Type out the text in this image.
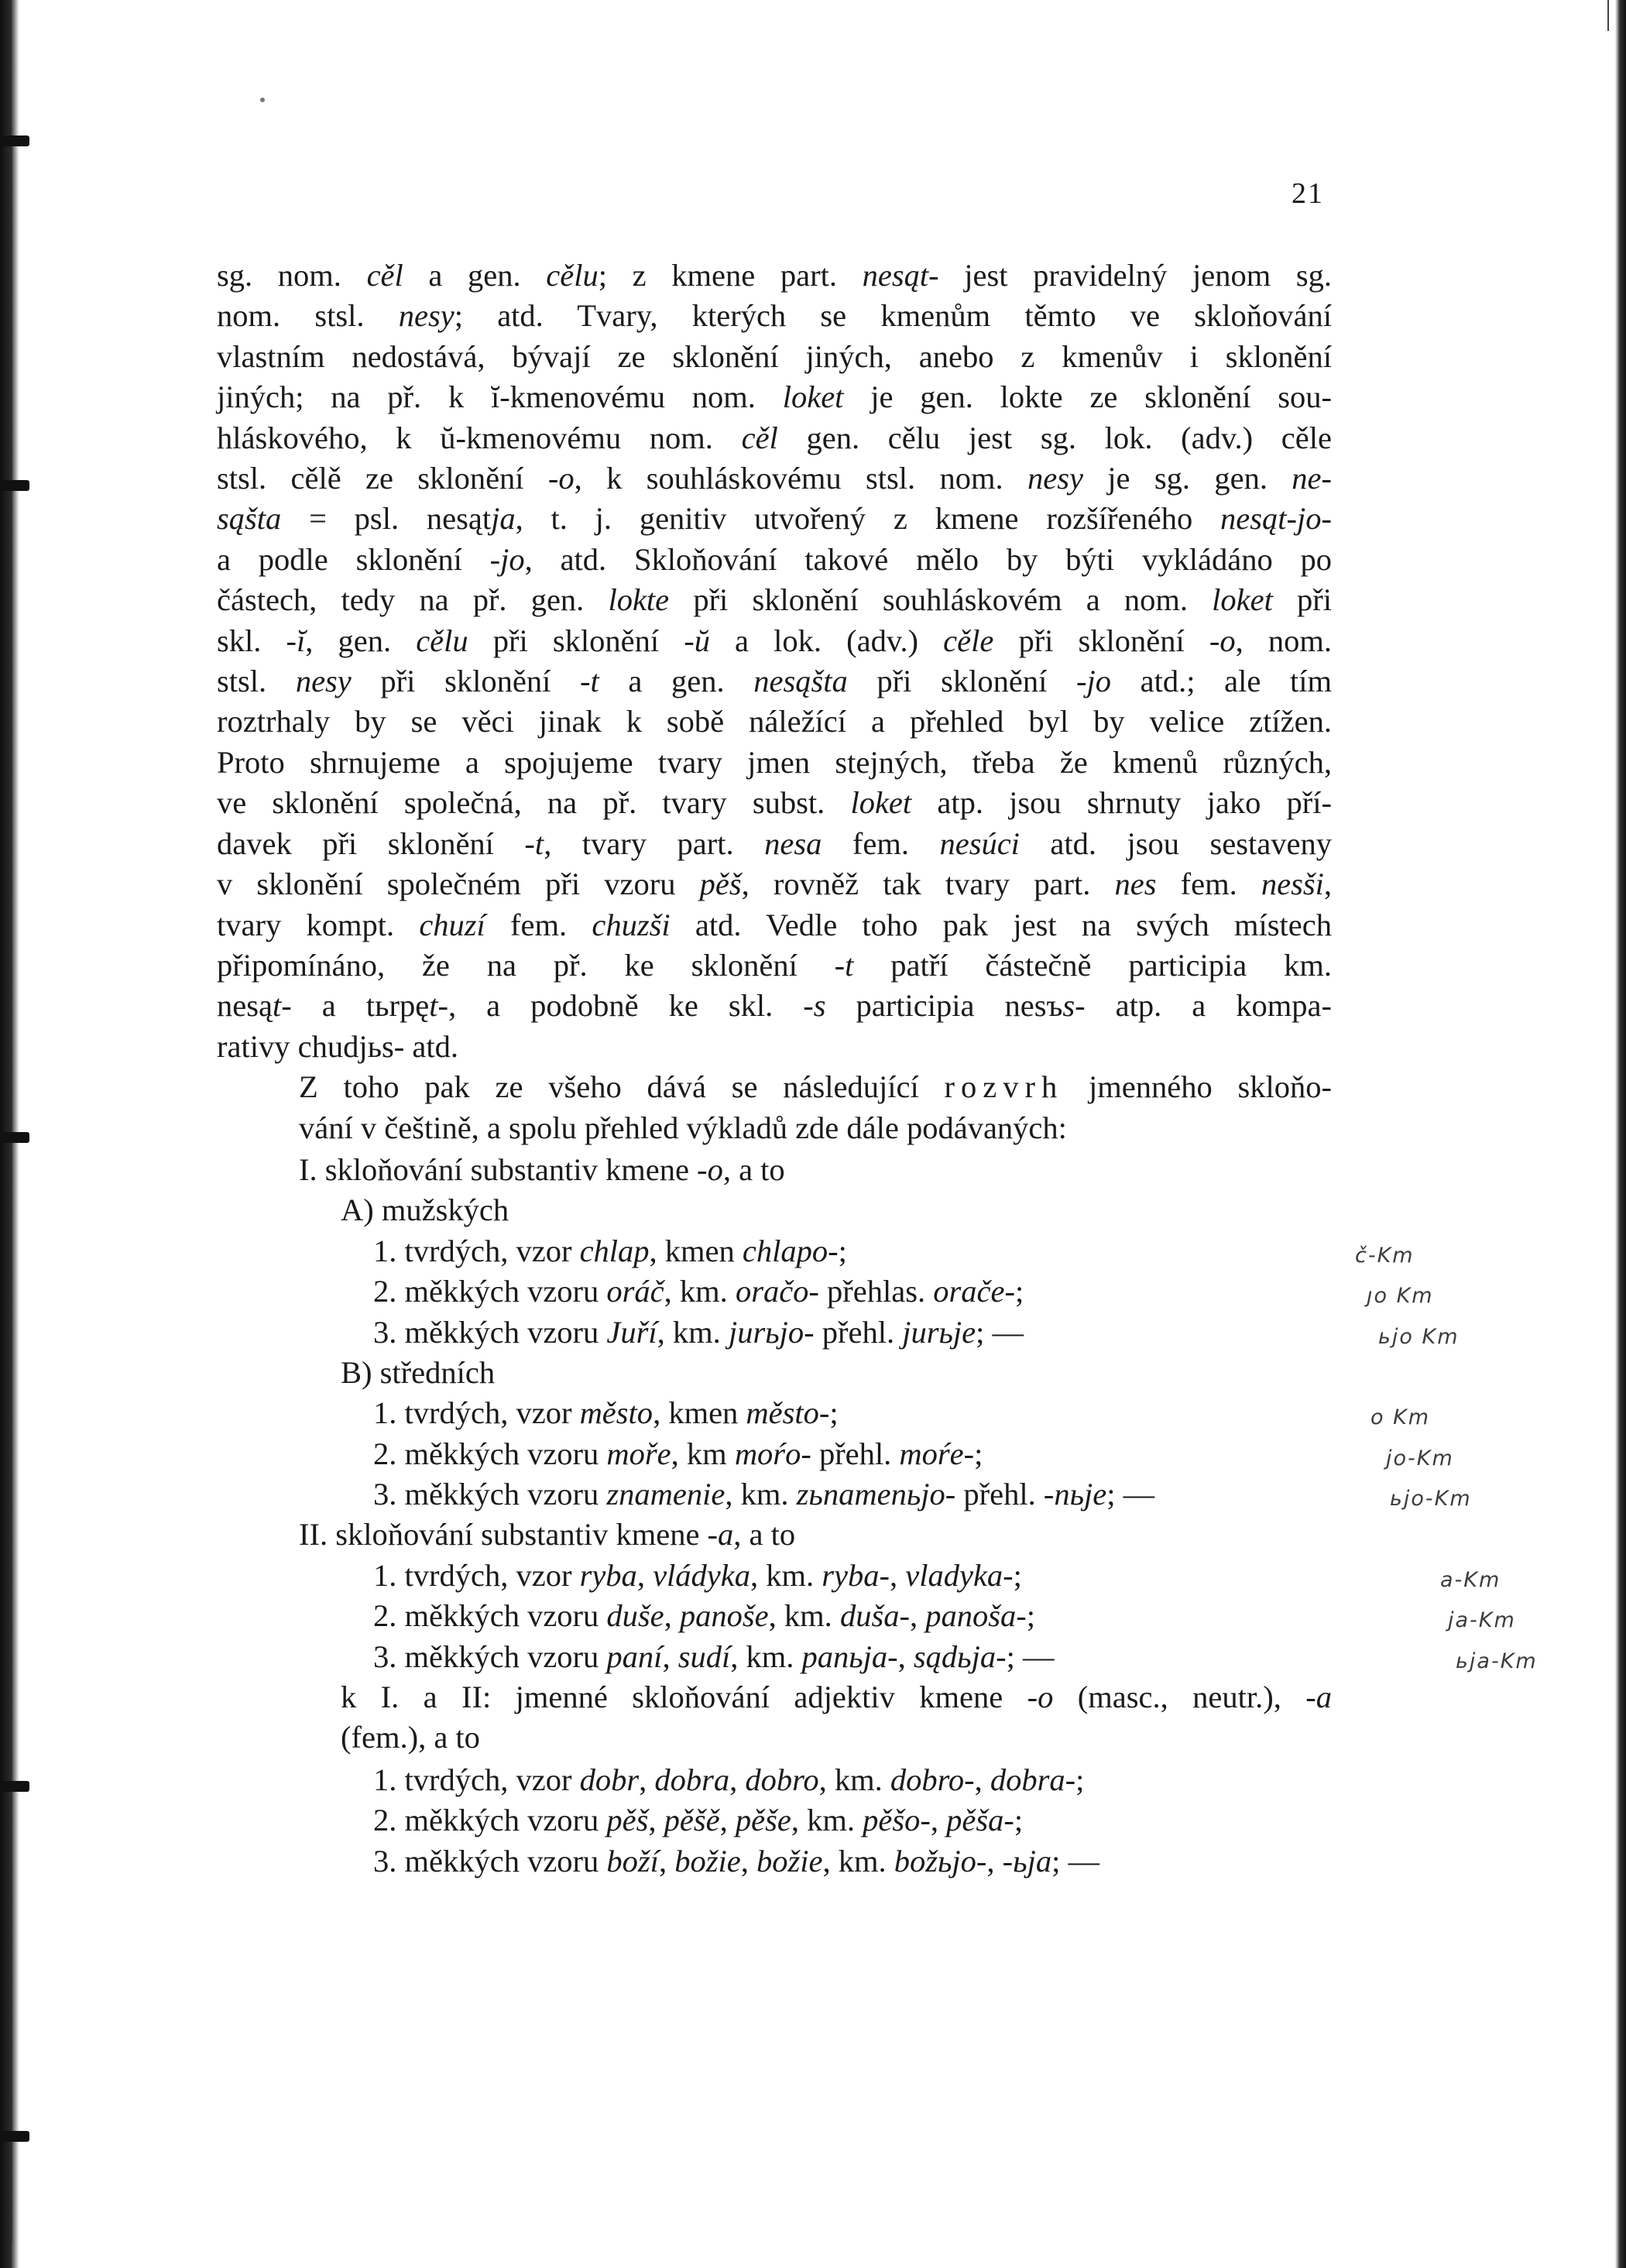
21
sg. nom. cěl a gen. cělu; z kmene part. nesąt- jest pravidelný jenom sg.
nom. stsl. nesy; atd. Tvary, kterých se kmenům těmto ve skloňování
vlastním nedostává, bývají ze sklonění jiných, anebo z kmenův i sklonění
jiných; na př. k ĭ-kmenovému nom. loket je gen. lokte ze sklonění sou-
hláskového, k ŭ-kmenovému nom. cěl gen. cělu jest sg. lok. (adv.) cěle
stsl. cělě ze sklonění -o, k souhláskovému stsl. nom. nesy je sg. gen. ne-
sąšta = psl. nesątja, t. j. genitiv utvořený z kmene rozšířeného nesąt-jo-
a podle sklonění -jo, atd. Skloňování takové mělo by býti vykládáno po
částech, tedy na př. gen. lokte při sklonění souhláskovém a nom. loket při
skl. -ĭ, gen. cělu při sklonění -ŭ a lok. (adv.) cěle při sklonění -o, nom.
stsl. nesy při sklonění -t a gen. nesąšta při sklonění -jo atd.; ale tím
roztrhaly by se věci jinak k sobě náležící a přehled byl by velice ztížen.
Proto shrnujeme a spojujeme tvary jmen stejných, třeba že kmenů různých,
ve sklonění společná, na př. tvary subst. loket atp. jsou shrnuty jako pří-
davek při sklonění -t, tvary part. nesa fem. nesúci atd. jsou sestaveny
v sklonění společném při vzoru pěš, rovněž tak tvary part. nes fem. nesši,
tvary kompt. chuzí fem. chuzši atd. Vedle toho pak jest na svých místech
připomínáno, že na př. ke sklonění -t patří částečně participia km.
nesąt- a tьrpęt-, a podobně ke skl. -s participia nesъs- atp. a kompa-
rativy chudjьs- atd.
Z toho pak ze všeho dává se následující rozvrh jmenného skloňo-
vání v češtině, a spolu přehled výkladů zde dále podávaných:
I. skloňování substantiv kmene -o, a to
A) mužských
1. tvrdých, vzor chlap, kmen chlapo-;	č-Km
2. měkkých vzoru oráč, km. oračo- přehlas. oračе-;	ȷo Km
3. měkkých vzoru Juří, km. jurьjo- přehl. jurьje; —	ьjo Km
B) středních
1. tvrdých, vzor město, kmen město-;	o Km
2. měkkých vzoru moře, km moŕo- přehl. moŕe-;	jo-Km
3. měkkých vzoru znamenie, km. zьnamenьjo- přehl. -nьje; —	ьjo-Km
II. skloňování substantiv kmene -a, a to
1. tvrdých, vzor ryba, vládyka, km. ryba-, vladyka-;	a-Km
2. měkkých vzoru duše, panoše, km. duša-, panoša-;	ja-Km
3. měkkých vzoru paní, sudí, km. panьja-, sądьja-; —	ьja-Km
k I. a II: jmenné skloňování adjektiv kmene -o (masc., neutr.), -a
(fem.), a to
1. tvrdých, vzor dobr, dobra, dobro, km. dobro-, dobra-;
2. měkkých vzoru pěš, pěšě, pěše, km. pěšo-, pěša-;
3. měkkých vzoru boží, božie, božie, km. božьjo-, -ьja; —
